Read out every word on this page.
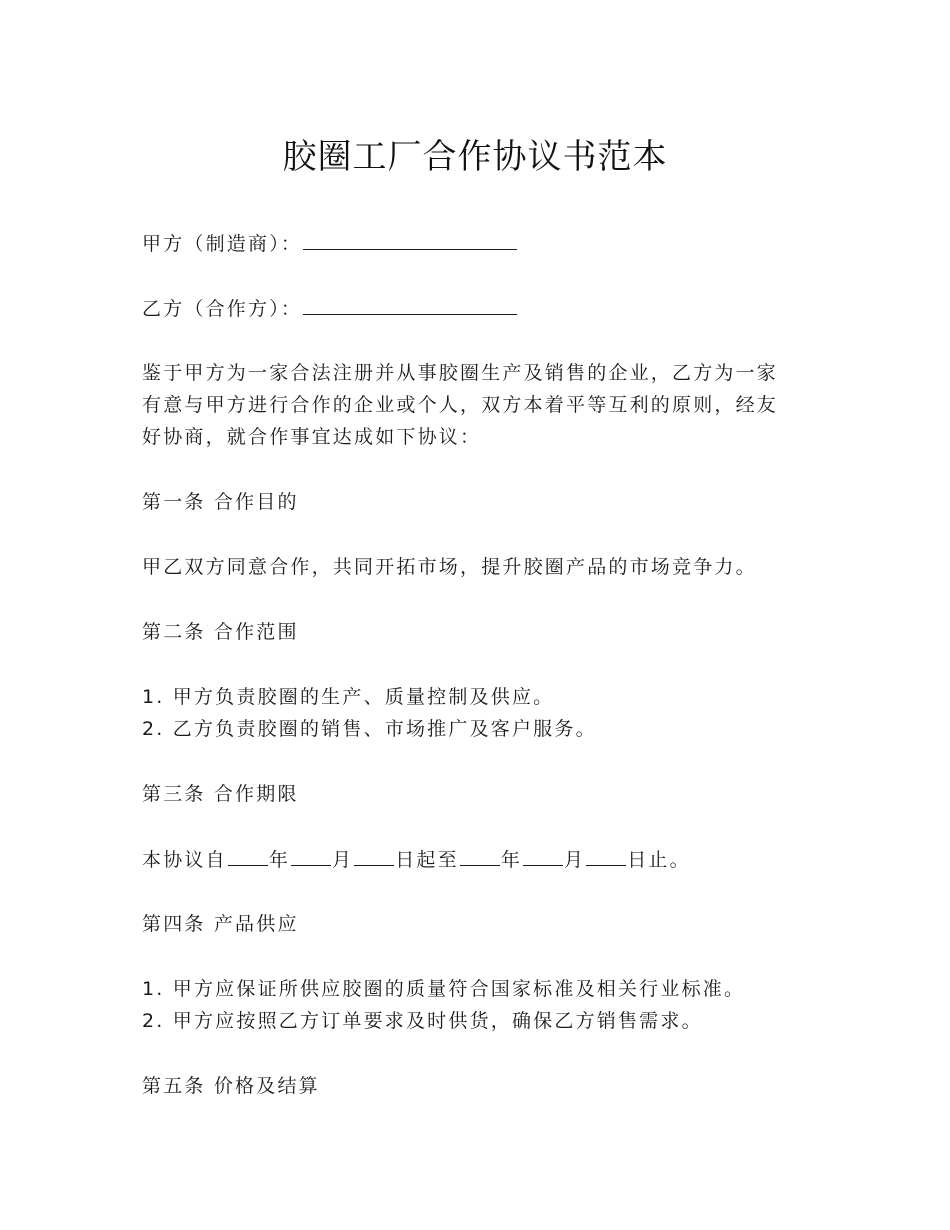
胶圈工厂合作协议书范本
甲方（制造商）：
乙方（合作方）：
鉴于甲方为一家合法注册并从事胶圈生产及销售的企业，乙方为一家
有意与甲方进行合作的企业或个人，双方本着平等互利的原则，经友
好协商，就合作事宜达成如下协议：
第一条 合作目的
甲乙双方同意合作，共同开拓市场，提升胶圈产品的市场竞争力。
第二条 合作范围
1. 甲方负责胶圈的生产、质量控制及供应。
2. 乙方负责胶圈的销售、市场推广及客户服务。
第三条 合作期限
本协议自 年 月 日起至 年 月 日止。
第四条 产品供应
1. 甲方应保证所供应胶圈的质量符合国家标准及相关行业标准。
2. 甲方应按照乙方订单要求及时供货，确保乙方销售需求。
第五条 价格及结算
